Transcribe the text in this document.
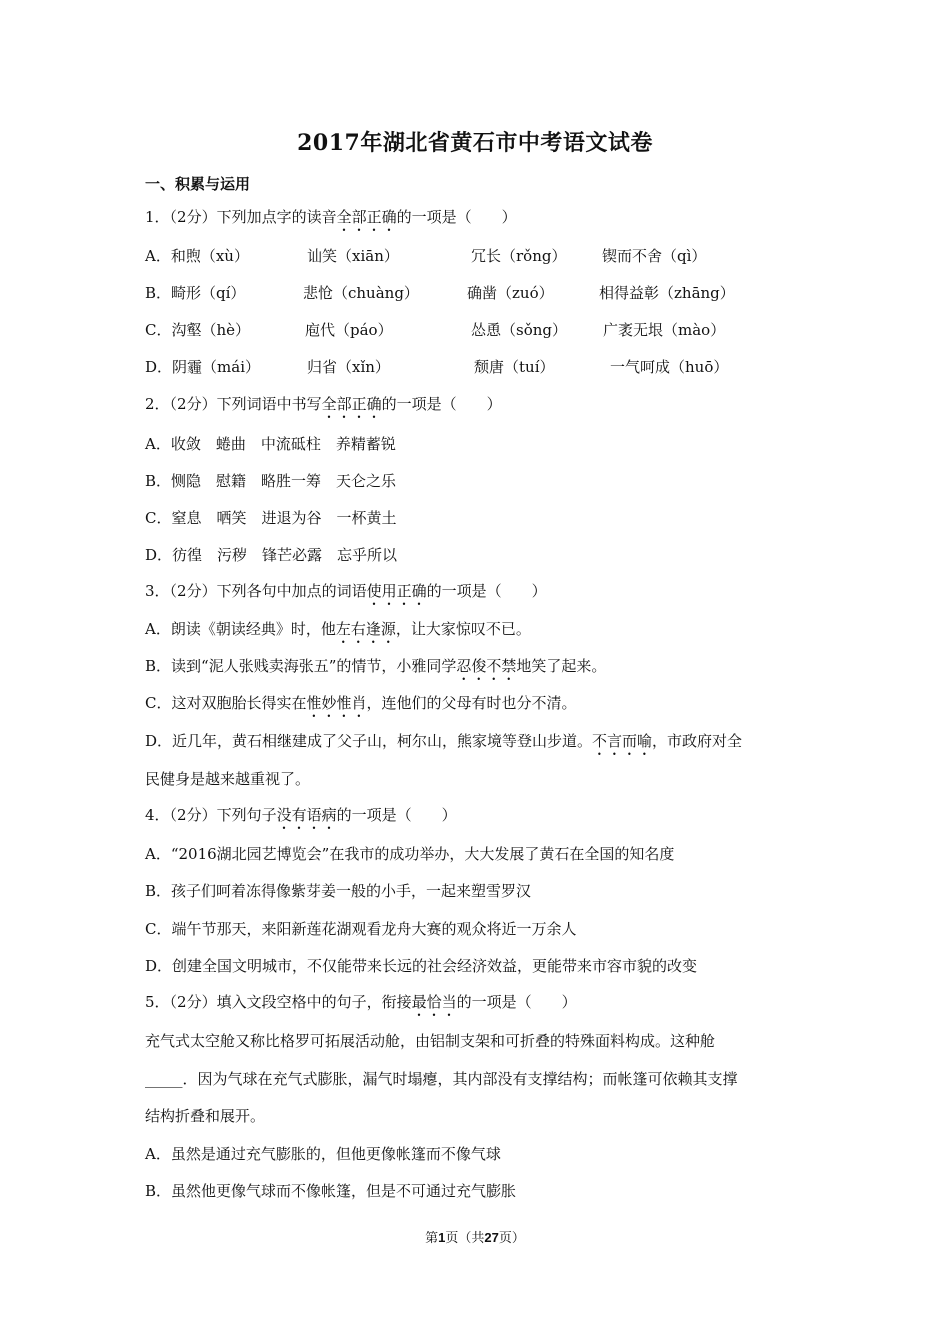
2017年湖北省黄石市中考语文试卷
一、积累与运用
1．（2分）下列加点字的读音全部正确的一项是（　　）
A．和煦（xù）	讪笑（xiān）	冗长（rǒng） 锲而不舍（qì）
B．畸形（qí）	悲怆（chuàng）	确凿（zuó）	相得益彰（zhāng）
C．沟壑（hè）	庖代（páo）	怂恿（sǒng） 广袤无垠（mào）
D．阴霾（mái）	归省（xǐn）	颓唐（tuí）	一气呵成（huō）
2．（2分）下列词语中书写全部正确的一项是（　　）
A．收敛　蜷曲　中流砥柱　养精蓄锐
B．恻隐　慰籍　略胜一筹　天仑之乐
C．窒息　哂笑　进退为谷　一杯黄土
D．彷徨　污秽　锋芒必露　忘乎所以
3．（2分）下列各句中加点的词语使用正确的一项是（　　）
A．朗读《朝读经典》时，他左右逢源，让大家惊叹不已。
B．读到“泥人张贱卖海张五”的情节，小雅同学忍俊不禁地笑了起来。
C．这对双胞胎长得实在惟妙惟肖，连他们的父母有时也分不清。
D．近几年，黄石相继建成了父子山，柯尔山，熊家境等登山步道。不言而喻，市政府对全
民健身是越来越重视了。
4．（2分）下列句子没有语病的一项是（　　）
A．“2016湖北园艺博览会”在我市的成功举办，大大发展了黄石在全国的知名度
B．孩子们呵着冻得像紫芽姜一般的小手，一起来塑雪罗汉
C．端午节那天，来阳新莲花湖观看龙舟大赛的观众将近一万余人
D．创建全国文明城市，不仅能带来长远的社会经济效益，更能带来市容市貌的改变
5．（2分）填入文段空格中的句子，衔接最恰当的一项是（　　）
充气式太空舱又称比格罗可拓展活动舱，由铝制支架和可折叠的特殊面料构成。这种舱
_____．因为气球在充气式膨胀，漏气时塌瘪，其内部没有支撑结构；而帐篷可依赖其支撑
结构折叠和展开。
A．虽然是通过充气膨胀的，但他更像帐篷而不像气球
B．虽然他更像气球而不像帐篷，但是不可通过充气膨胀
第1页（共27页）
